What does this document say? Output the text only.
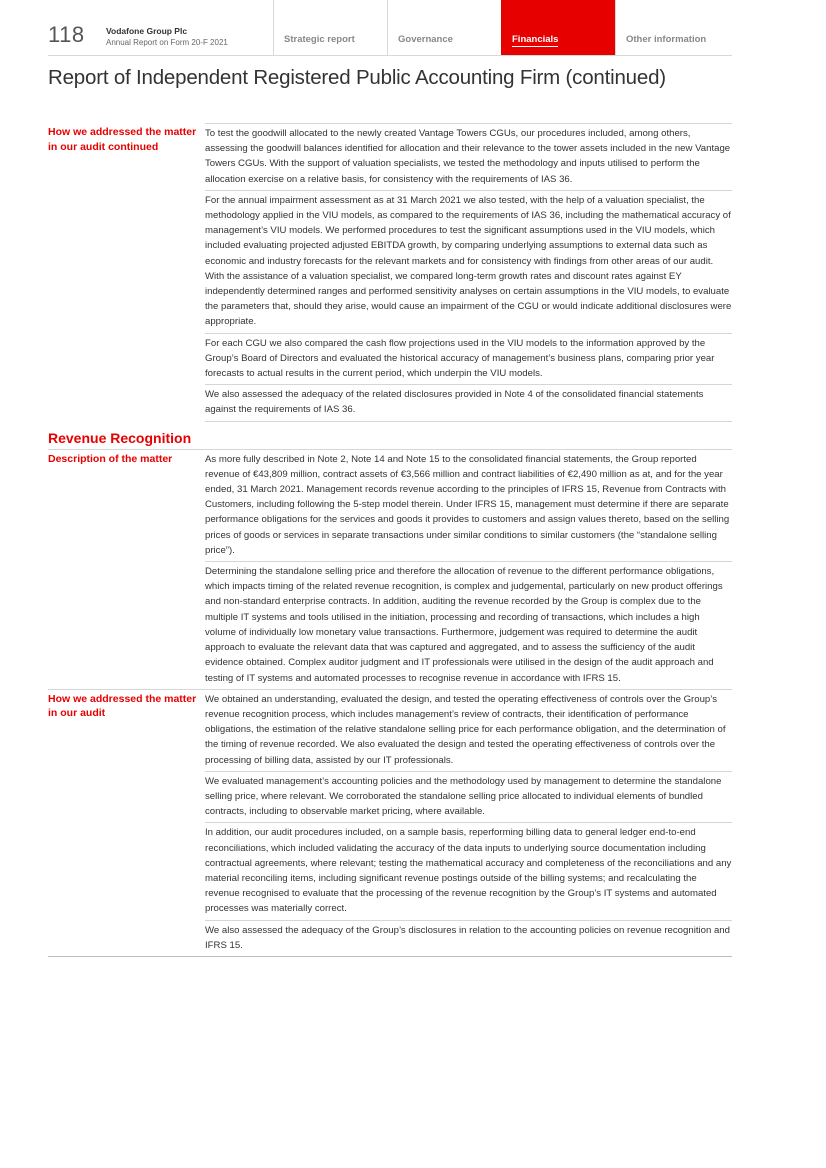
118	Vodafone Group Plc
Annual Report on Form 20-F 2021	Strategic report	Governance	Financials	Other information
Report of Independent Registered Public Accounting Firm (continued)
How we addressed the matter in our audit continued
To test the goodwill allocated to the newly created Vantage Towers CGUs, our procedures included, among others, assessing the goodwill balances identified for allocation and their relevance to the tower assets included in the new Vantage Towers CGUs. With the support of valuation specialists, we tested the methodology and inputs utilised to perform the allocation exercise on a relative basis, for consistency with the requirements of IAS 36.
For the annual impairment assessment as at 31 March 2021 we also tested, with the help of a valuation specialist, the methodology applied in the VIU models, as compared to the requirements of IAS 36, including the mathematical accuracy of management’s VIU models. We performed procedures to test the significant assumptions used in the VIU models, which included evaluating projected adjusted EBITDA growth, by comparing underlying assumptions to external data such as economic and industry forecasts for the relevant markets and for consistency with findings from other areas of our audit. With the assistance of a valuation specialist, we compared long-term growth rates and discount rates against EY independently determined ranges and performed sensitivity analyses on certain assumptions in the VIU models, to evaluate the parameters that, should they arise, would cause an impairment of the CGU or would indicate additional disclosures were appropriate.
For each CGU we also compared the cash flow projections used in the VIU models to the information approved by the Group’s Board of Directors and evaluated the historical accuracy of management’s business plans, comparing prior year forecasts to actual results in the current period, which underpin the VIU models.
We also assessed the adequacy of the related disclosures provided in Note 4 of the consolidated financial statements against the requirements of IAS 36.
Revenue Recognition
Description of the matter	As more fully described in Note 2, Note 14 and Note 15 to the consolidated financial statements, the Group reported revenue of €43,809 million, contract assets of €3,566 million and contract liabilities of €2,490 million as at, and for the year ended, 31 March 2021. Management records revenue according to the principles of IFRS 15, Revenue from Contracts with Customers, including following the 5-step model therein. Under IFRS 15, management must determine if there are separate performance obligations for the services and goods it provides to customers and assign values thereto, based on the selling prices of goods or services in separate transactions under similar conditions to similar customers (the “standalone selling price”).
Determining the standalone selling price and therefore the allocation of revenue to the different performance obligations, which impacts timing of the related revenue recognition, is complex and judgemental, particularly on new product offerings and non-standard enterprise contracts. In addition, auditing the revenue recorded by the Group is complex due to the multiple IT systems and tools utilised in the initiation, processing and recording of transactions, which includes a high volume of individually low monetary value transactions. Furthermore, judgement was required to determine the audit approach to evaluate the relevant data that was captured and aggregated, and to assess the sufficiency of the audit evidence obtained. Complex auditor judgment and IT professionals were utilised in the design of the audit approach and testing of IT systems and automated processes to recognise revenue in accordance with IFRS 15.
How we addressed the matter in our audit
We obtained an understanding, evaluated the design, and tested the operating effectiveness of controls over the Group’s revenue recognition process, which includes management’s review of contracts, their identification of performance obligations, the estimation of the relative standalone selling price for each performance obligation, and the determination of the timing of revenue recorded. We also evaluated the design and tested the operating effectiveness of controls over the processing of billing data, assisted by our IT professionals.
We evaluated management’s accounting policies and the methodology used by management to determine the standalone selling price, where relevant. We corroborated the standalone selling price allocated to individual elements of bundled contracts, including to observable market pricing, where available.
In addition, our audit procedures included, on a sample basis, reperforming billing data to general ledger end-to-end reconciliations, which included validating the accuracy of the data inputs to underlying source documentation including contractual agreements, where relevant; testing the mathematical accuracy and completeness of the reconciliations and any material reconciling items, including significant revenue postings outside of the billing systems; and recalculating the revenue recognised to evaluate that the processing of the revenue recognition by the Group’s IT systems and automated processes was materially correct.
We also assessed the adequacy of the Group’s disclosures in relation to the accounting policies on revenue recognition and IFRS 15.
